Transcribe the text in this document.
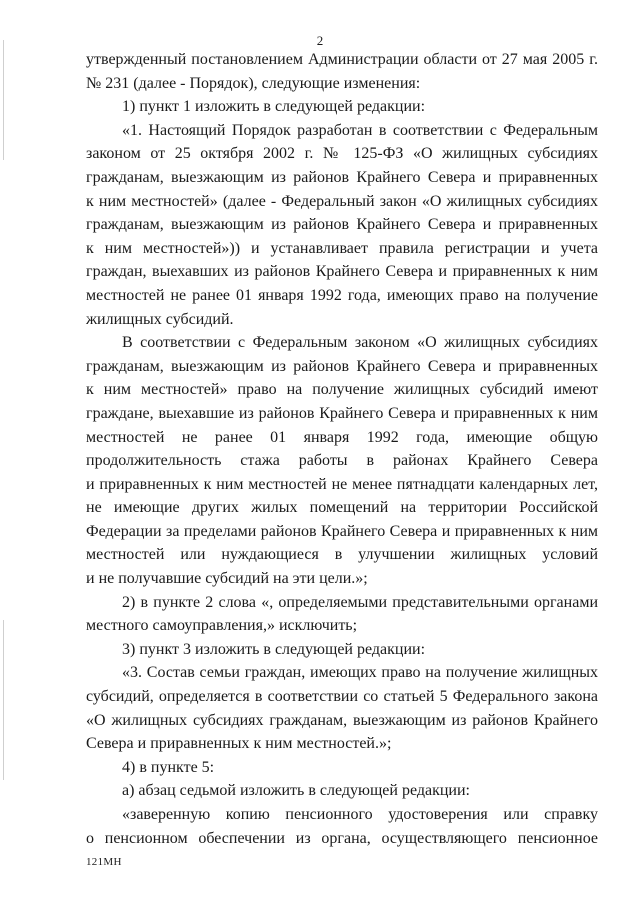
2
утвержденный постановлением Администрации области от 27 мая 2005 г.
№ 231 (далее - Порядок), следующие изменения:
1) пункт 1 изложить в следующей редакции:
«1. Настоящий Порядок разработан в соответствии с Федеральным
законом от 25 октября 2002 г. № 125-ФЗ «О жилищных субсидиях
гражданам, выезжающим из районов Крайнего Севера и приравненных
к ним местностей» (далее - Федеральный закон «О жилищных субсидиях
гражданам, выезжающим из районов Крайнего Севера и приравненных
к ним местностей»)) и устанавливает правила регистрации и учета
граждан, выехавших из районов Крайнего Севера и приравненных к ним
местностей не ранее 01 января 1992 года, имеющих право на получение
жилищных субсидий.
В соответствии с Федеральным законом «О жилищных субсидиях
гражданам, выезжающим из районов Крайнего Севера и приравненных
к ним местностей» право на получение жилищных субсидий имеют
граждане, выехавшие из районов Крайнего Севера и приравненных к ним
местностей не ранее 01 января 1992 года, имеющие общую
продолжительность стажа работы в районах Крайнего Севера
и приравненных к ним местностей не менее пятнадцати календарных лет,
не имеющие других жилых помещений на территории Российской
Федерации за пределами районов Крайнего Севера и приравненных к ним
местностей или нуждающиеся в улучшении жилищных условий
и не получавшие субсидий на эти цели.»;
2) в пункте 2 слова «, определяемыми представительными органами
местного самоуправления,» исключить;
3) пункт 3 изложить в следующей редакции:
«3. Состав семьи граждан, имеющих право на получение жилищных
субсидий, определяется в соответствии со статьей 5 Федерального закона
«О жилищных субсидиях гражданам, выезжающим из районов Крайнего
Севера и приравненных к ним местностей.»;
4) в пункте 5:
а) абзац седьмой изложить в следующей редакции:
«заверенную копию пенсионного удостоверения или справку
о пенсионном обеспечении из органа, осуществляющего пенсионное
121МН
